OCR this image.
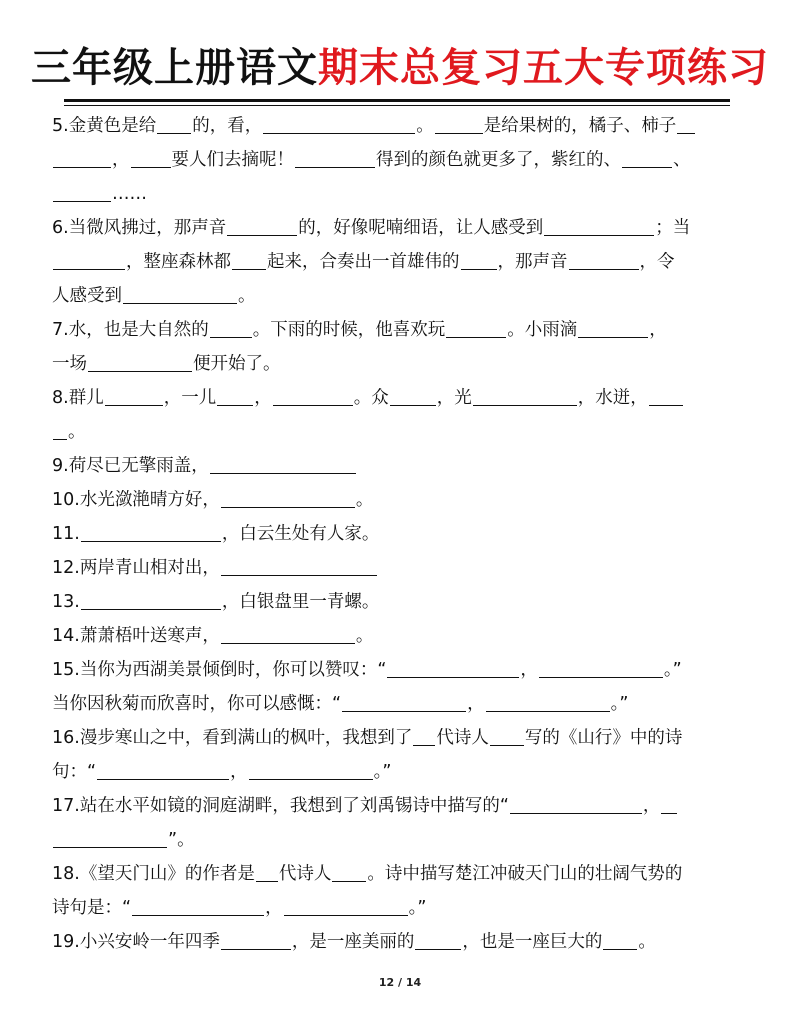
三年级上册语文期末总复习五大专项练习
5.金黄色是给 的，看，	。	是给果树的，橘子、柿子
， 要人们去摘呢！	得到的颜色就更多了，紫红的、	、
……
6.当微风拂过，那声音	的，好像呢喃细语，让人感受到	；当
，整座森林都 起来，合奏出一首雄伟的 ，那声音	，令
人感受到	。
7.水，也是大自然的	。下雨的时候，他喜欢玩	。小雨滴	，
一场	便开始了。
8.群儿	，一儿 ，	。众	，光	，水迸，
。
9.荷尽已无擎雨盖，
10.水光潋滟晴方好，	。
11.	，白云生处有人家。
12.两岸青山相对出，
13.	，白银盘里一青螺。
14.萧萧梧叶送寒声，	。
15.当你为西湖美景倾倒时，你可以赞叹：“	，	。”
当你因秋菊而欣喜时，你可以感慨：“	，	。”
16.漫步寒山之中，看到满山的枫叶，我想到了 代诗人 写的《山行》中的诗
句：“	，	。”
17.站在水平如镜的洞庭湖畔，我想到了刘禹锡诗中描写的“	，
”。
18.《望天门山》的作者是 代诗人 。诗中描写楚江冲破天门山的壮阔气势的
诗句是：“	，	。”
19.小兴安岭一年四季	，是一座美丽的	，也是一座巨大的 。
12 / 14
